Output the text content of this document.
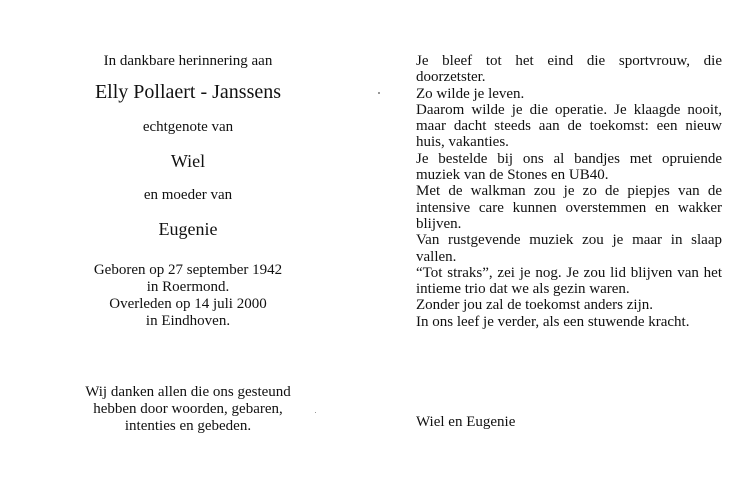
In dankbare herinnering aan
Elly Pollaert - Janssens
echtgenote van
Wiel
en moeder van
Eugenie
Geboren op 27 september 1942
in Roermond.
Overleden op 14 juli 2000
in Eindhoven.
Wij danken allen die ons gesteund
hebben door woorden, gebaren,
intenties en gebeden.

Je bleef tot het eind die sportvrouw, die doorzetster.

Zo wilde je leven.

Daarom wilde je die operatie. Je klaagde nooit, maar dacht steeds aan de toekomst: een nieuw huis, vakanties.

Je bestelde bij ons al bandjes met opruiende muziek van de Stones en UB40.

Met de walkman zou je zo de piepjes van de intensive care kunnen overstemmen en wakker blijven.

Van rustgevende muziek zou je maar in slaap vallen.

“Tot straks”, zei je nog. Je zou lid blijven van het intieme trio dat we als gezin waren.

Zonder jou zal de toekomst anders zijn.

In ons leef je verder, als een stuwende kracht.

Wiel en Eugenie
